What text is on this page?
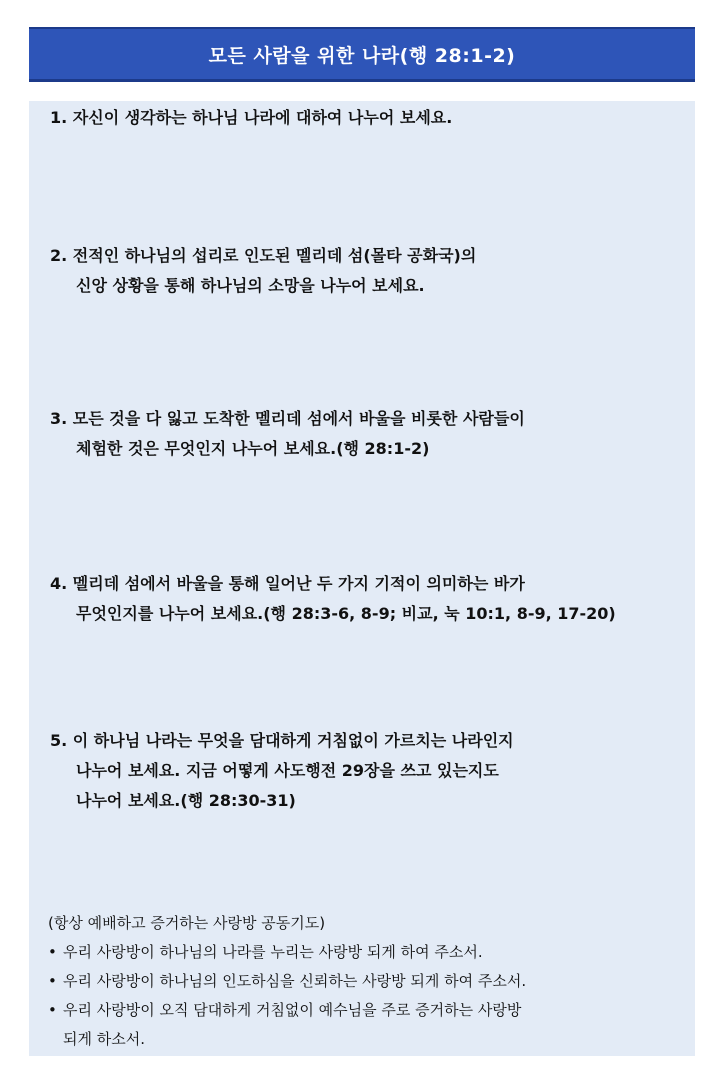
모든 사람을 위한 나라(행 28:1-2)
1. 자신이 생각하는 하나님 나라에 대하여 나누어 보세요.
2. 전적인 하나님의 섭리로 인도된 멜리데 섬(몰타 공화국)의
신앙 상황을 통해 하나님의 소망을 나누어 보세요.
3. 모든 것을 다 잃고 도착한 멜리데 섬에서 바울을 비롯한 사람들이
체험한 것은 무엇인지 나누어 보세요.(행 28:1-2)
4. 멜리데 섬에서 바울을 통해 일어난 두 가지 기적이 의미하는 바가
무엇인지를 나누어 보세요.(행 28:3-6, 8-9; 비교, 눅 10:1, 8-9, 17-20)
5. 이 하나님 나라는 무엇을 담대하게 거침없이 가르치는 나라인지
나누어 보세요. 지금 어떻게 사도행전 29장을 쓰고 있는지도
나누어 보세요.(행 28:30-31)
(항상 예배하고 증거하는 사랑방 공동기도)
• 우리 사랑방이 하나님의 나라를 누리는 사랑방 되게 하여 주소서.
• 우리 사랑방이 하나님의 인도하심을 신뢰하는 사랑방 되게 하여 주소서.
• 우리 사랑방이 오직 담대하게 거침없이 예수님을 주로 증거하는 사랑방
되게 하소서.
